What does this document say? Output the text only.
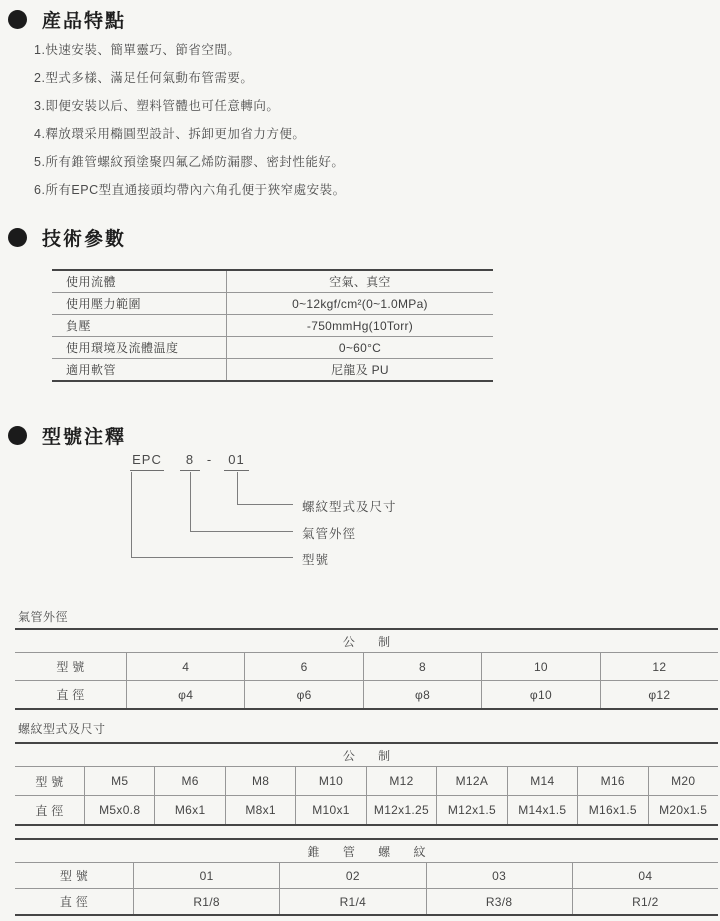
産品特點
1.快速安裝、簡單靈巧、節省空間。
2.型式多樣、滿足任何氣動布管需要。
3.即便安裝以后、塑料管體也可任意轉向。
4.釋放環采用橢圓型設計、拆卸更加省力方便。
5.所有錐管螺紋預塗聚四氟乙烯防漏膠、密封性能好。
6.所有EPC型直通接頭均帶內六角孔便于狹窄處安裝。
技術參數
使用流體	空氣、真空
使用壓力範圍	0~12kgf/cm²(0~1.0MPa)
負壓	-750mmHg(10Torr)
使用環境及流體温度	0~60°C
適用軟管	尼龍及 PU
型號注釋
EPC	8 -	01
螺紋型式及尺寸
氣管外徑
型號
氣管外徑
公 制
型 號	4	6	8	10	12
直 徑	φ4	φ6	φ8	φ10	φ12
螺紋型式及尺寸
公 制
型 號	M5	M6	M8	M10	M12	M12A	M14	M16	M20
直 徑	M5x0.8	M6x1	M8x1	M10x1	M12x1.25	M12x1.5	M14x1.5	M16x1.5	M20x1.5
錐 管 螺 紋
型 號	01	02	03	04
直 徑	R1/8	R1/4	R3/8	R1/2
